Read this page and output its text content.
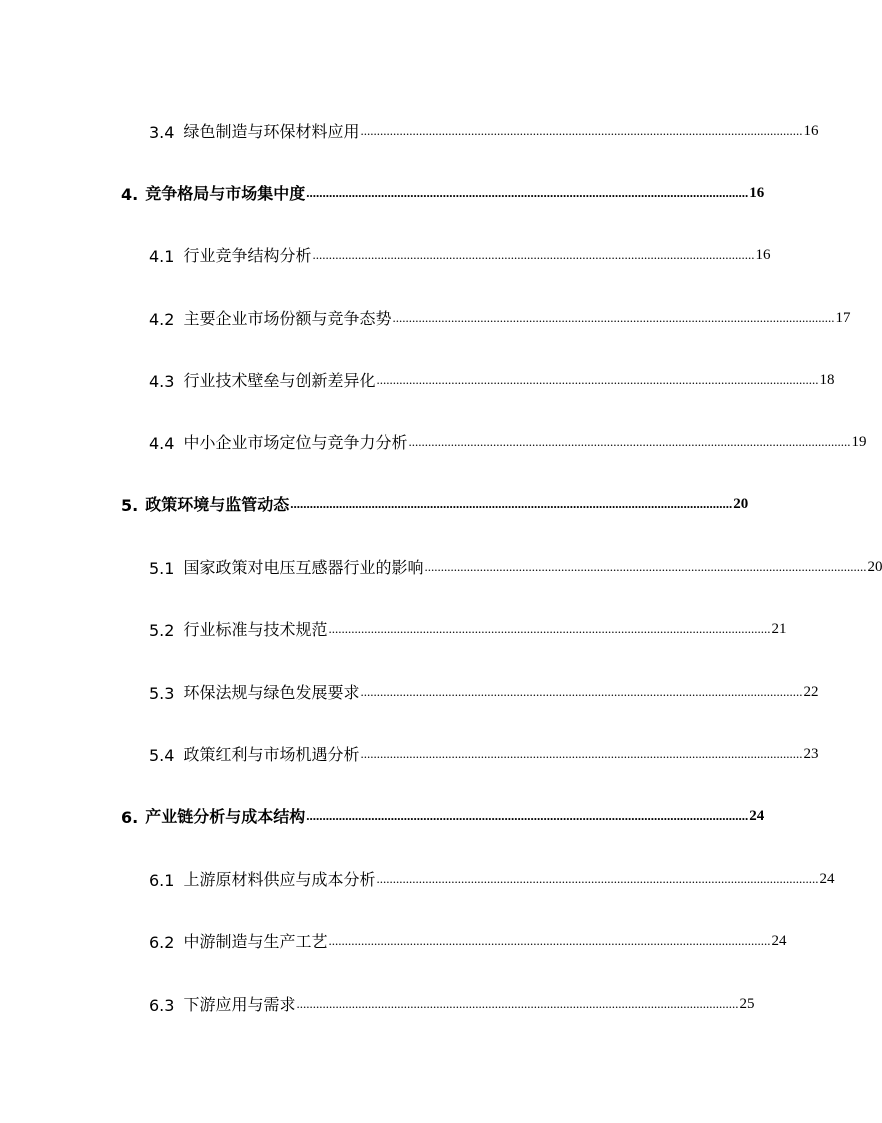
3.4 绿色制造与环保材料应用 ........................................................................................................................................ 16
4. 竞争格局与市场集中度 ........................................................................................................................................ 16
4.1 行业竞争结构分析 ........................................................................................................................................ 16
4.2 主要企业市场份额与竞争态势 ........................................................................................................................................ 17
4.3 行业技术壁垒与创新差异化 ........................................................................................................................................ 18
4.4 中小企业市场定位与竞争力分析 ........................................................................................................................................ 19
5. 政策环境与监管动态 ........................................................................................................................................ 20
5.1 国家政策对电压互感器行业的影响 ........................................................................................................................................ 20
5.2 行业标准与技术规范 ........................................................................................................................................ 21
5.3 环保法规与绿色发展要求 ........................................................................................................................................ 22
5.4 政策红利与市场机遇分析 ........................................................................................................................................ 23
6. 产业链分析与成本结构 ........................................................................................................................................ 24
6.1 上游原材料供应与成本分析 ........................................................................................................................................ 24
6.2 中游制造与生产工艺 ........................................................................................................................................ 24
6.3 下游应用与需求 ........................................................................................................................................ 25
